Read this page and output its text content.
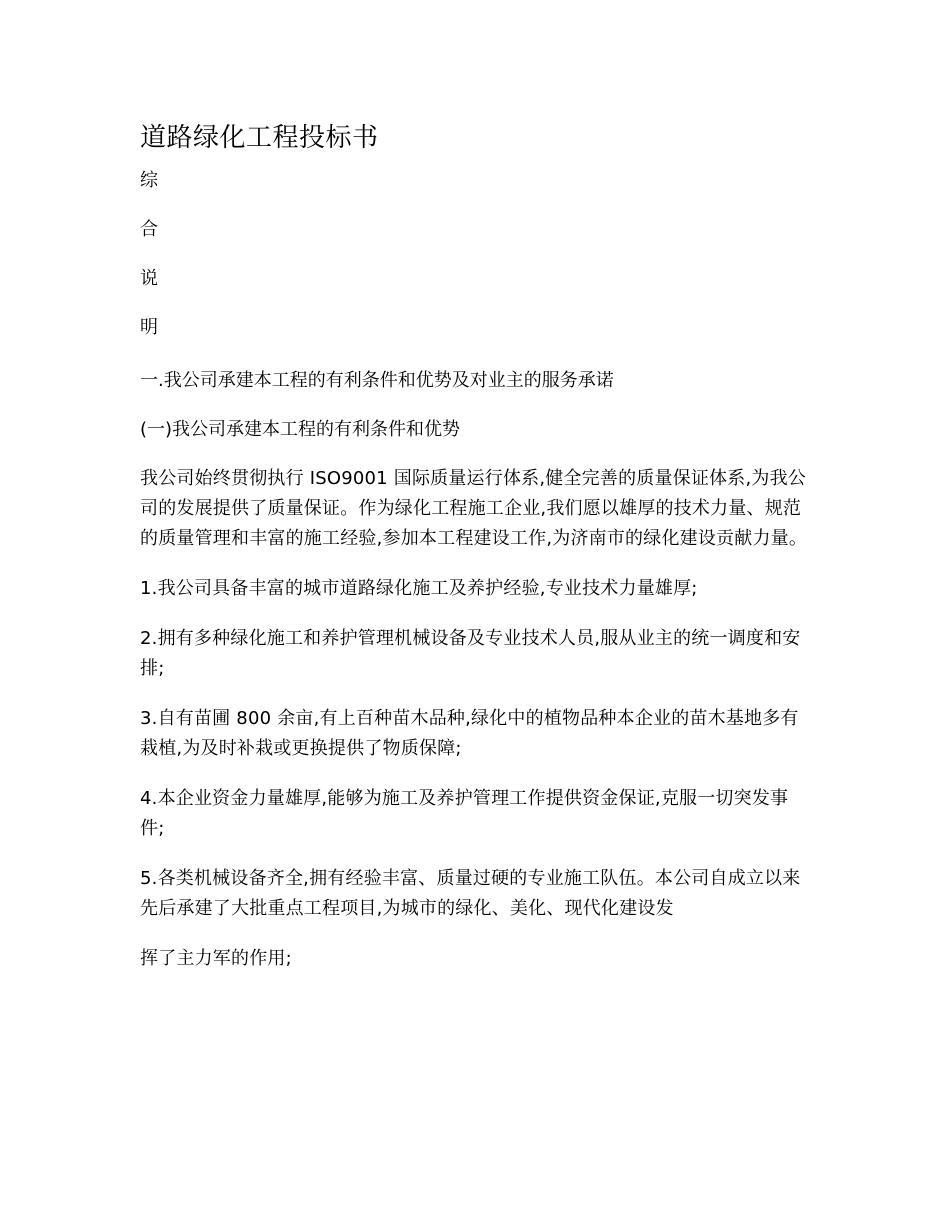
道路绿化工程投标书
综
合
说
明
一.我公司承建本工程的有利条件和优势及对业主的服务承诺
(一)我公司承建本工程的有利条件和优势

我公司始终贯彻执行 ISO9001 国际质量运行体系,健全完善的质量保证体系,为我公司的发展提供了质量保证。作为绿化工程施工企业,我们愿以雄厚的技术力量、规范的质量管理和丰富的施工经验,参加本工程建设工作,为济南市的绿化建设贡献力量。

1.我公司具备丰富的城市道路绿化施工及养护经验,专业技术力量雄厚;

2.拥有多种绿化施工和养护管理机械设备及专业技术人员,服从业主的统一调度和安排;

3.自有苗圃 800 余亩,有上百种苗木品种,绿化中的植物品种本企业的苗木基地多有栽植,为及时补栽或更换提供了物质保障;

4.本企业资金力量雄厚,能够为施工及养护管理工作提供资金保证,克服一切突发事件;

5.各类机械设备齐全,拥有经验丰富、质量过硬的专业施工队伍。本公司自成立以来先后承建了大批重点工程项目,为城市的绿化、美化、现代化建设发

挥了主力军的作用;
